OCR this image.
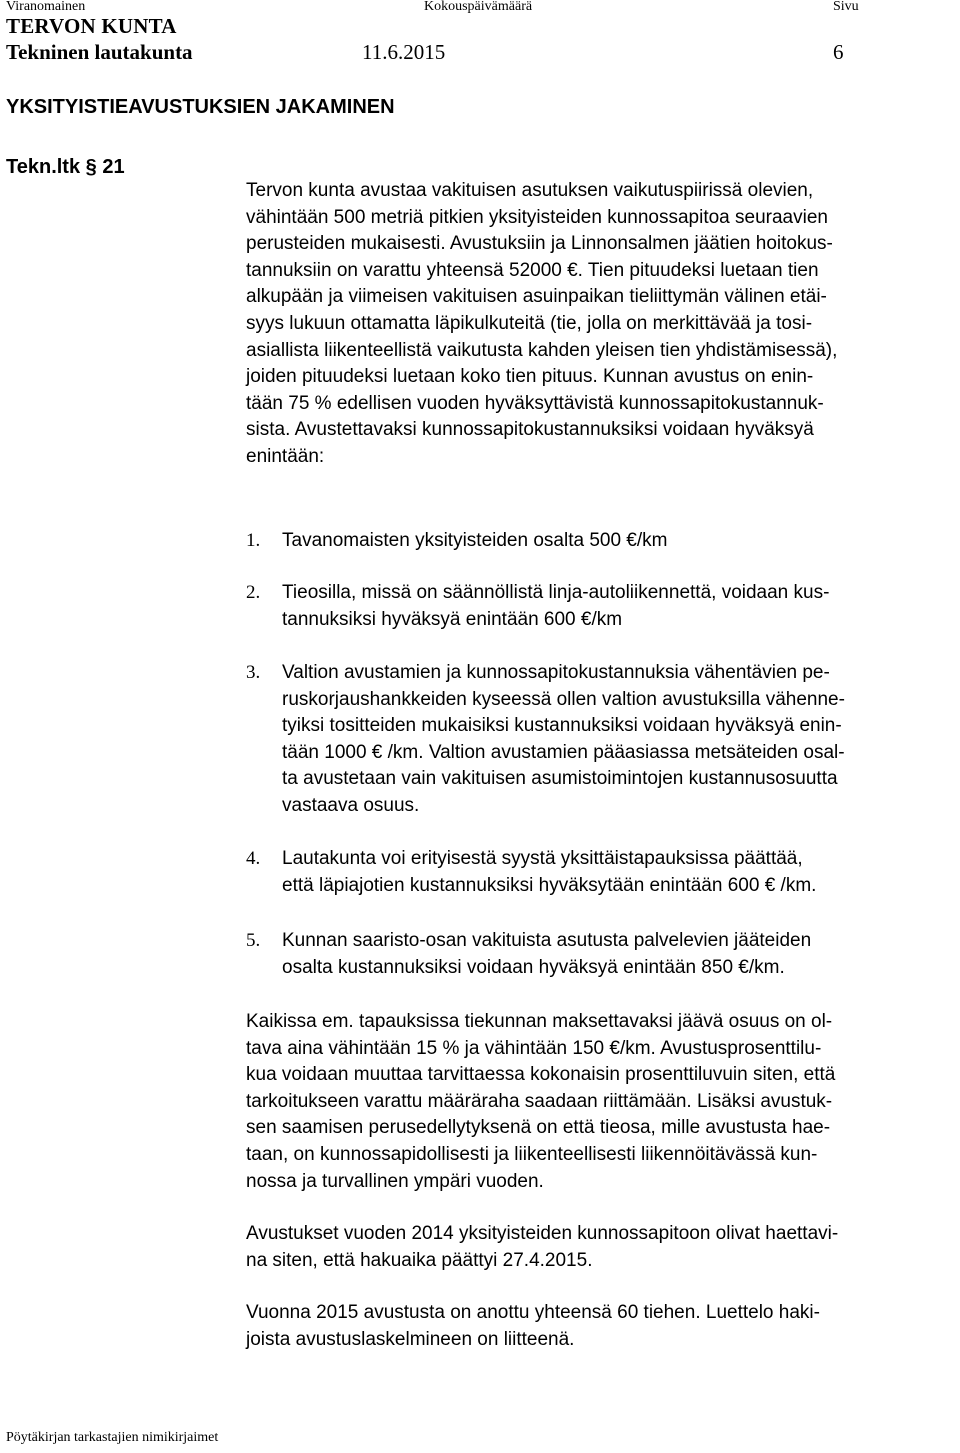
Viranomainen	Kokouspäivämäärä	Sivu
TERVON KUNTA
Tekninen lautakunta	11.6.2015	6
YKSITYISTIEAVUSTUKSIEN JAKAMINEN
Tekn.ltk § 21
Tervon kunta avustaa vakituisen asutuksen vaikutuspiirissä olevien,
vähintään 500 metriä pitkien yksityisteiden kunnossapitoa seuraavien
perusteiden mukaisesti. Avustuksiin ja Linnonsalmen jäätien hoitokus-
tannuksiin on varattu yhteensä 52000 €. Tien pituudeksi luetaan tien
alkupään ja viimeisen vakituisen asuinpaikan tieliittymän välinen etäi-
syys lukuun ottamatta läpikulkuteitä (tie, jolla on merkittävää ja tosi-
asiallista liikenteellistä vaikutusta kahden yleisen tien yhdistämisessä),
joiden pituudeksi luetaan koko tien pituus. Kunnan avustus on enin-
tään 75 % edellisen vuoden hyväksyttävistä kunnossapitokustannuk-
sista. Avustettavaksi kunnossapitokustannuksiksi voidaan hyväksyä
enintään:
1. Tavanomaisten yksityisteiden osalta 500 €/km
2. Tieosilla, missä on säännöllistä linja-autoliikennettä, voidaan kus-
tannuksiksi hyväksyä enintään 600 €/km
3. Valtion avustamien ja kunnossapitokustannuksia vähentävien pe-
ruskorjaushankkeiden kyseessä ollen valtion avustuksilla vähenne-
tyiksi tositteiden mukaisiksi kustannuksiksi voidaan hyväksyä enin-
tään 1000 € /km. Valtion avustamien pääasiassa metsäteiden osal-
ta avustetaan vain vakituisen asumistoimintojen kustannusosuutta
vastaava osuus.
4. Lautakunta voi erityisestä syystä yksittäistapauksissa päättää,
että läpiajotien kustannuksiksi hyväksytään enintään 600 € /km.
5. Kunnan saaristo-osan vakituista asutusta palvelevien jääteiden
osalta kustannuksiksi voidaan hyväksyä enintään 850 €/km.
Kaikissa em. tapauksissa tiekunnan maksettavaksi jäävä osuus on ol-
tava aina vähintään 15 % ja vähintään 150 €/km. Avustusprosenttilu-
kua voidaan muuttaa tarvittaessa kokonaisin prosenttiluvuin siten, että
tarkoitukseen varattu määräraha saadaan riittämään. Lisäksi avustuk-
sen saamisen perusedellytyksenä on että tieosa, mille avustusta hae-
taan, on kunnossapidollisesti ja liikenteellisesti liikennöitävässä kun-
nossa ja turvallinen ympäri vuoden.
Avustukset vuoden 2014 yksityisteiden kunnossapitoon olivat haettavi-
na siten, että hakuaika päättyi 27.4.2015.
Vuonna 2015 avustusta on anottu yhteensä 60 tiehen. Luettelo haki-
joista avustuslaskelmineen on liitteenä.
Pöytäkirjan tarkastajien nimikirjaimet
